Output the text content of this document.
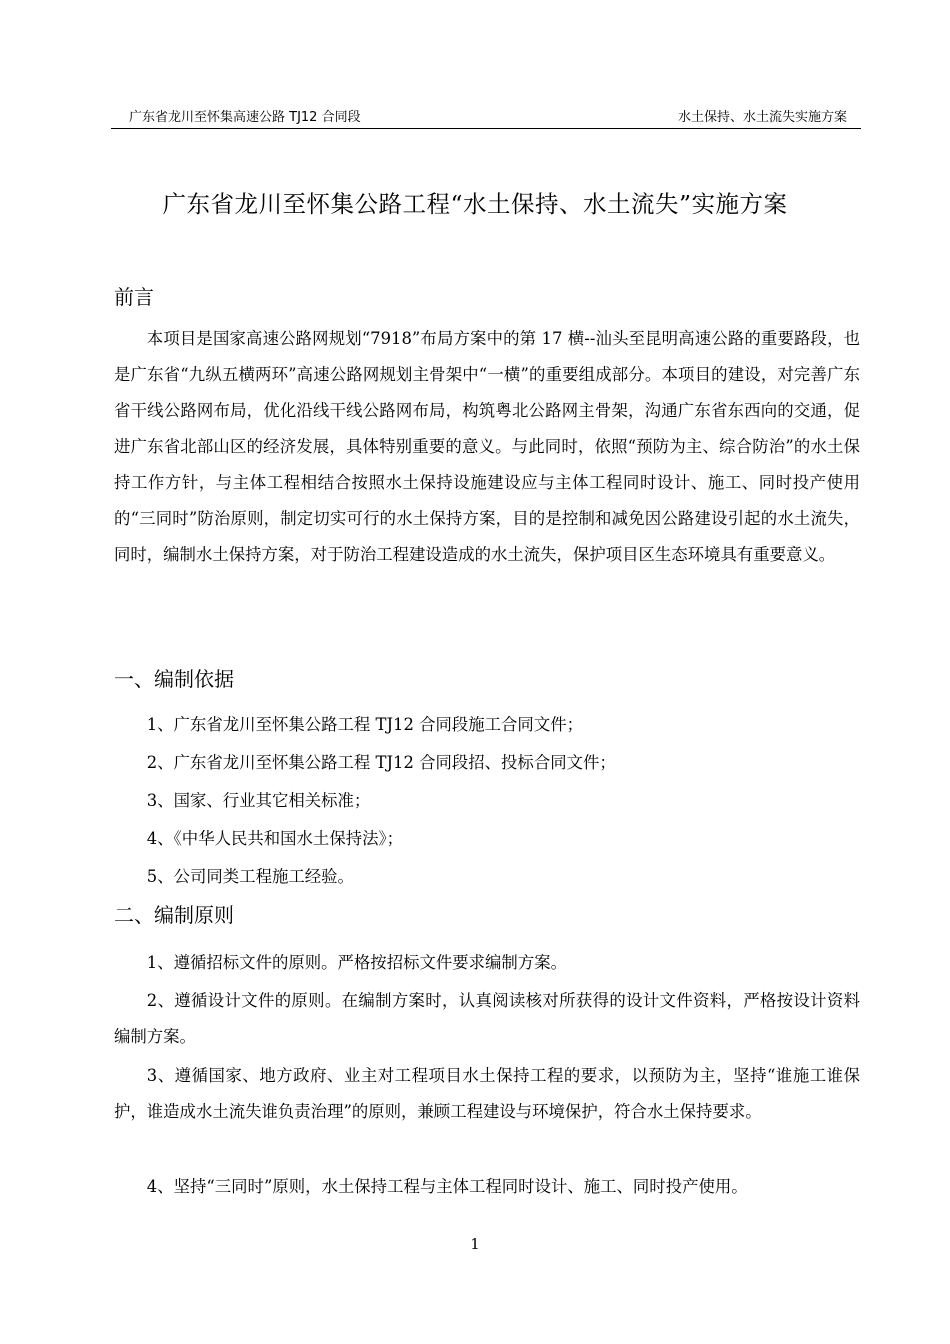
广东省龙川至怀集高速公路 TJ12 合同段	水土保持、水土流失实施方案
广东省龙川至怀集公路工程“水土保持、水土流失”实施方案
前言

本项目是国家高速公路网规划“7918”布局方案中的第 17 横--汕头至昆明高速公路的重要路段，也是广东省“九纵五横两环”高速公路网规划主骨架中“一横”的重要组成部分。本项目的建设，对完善广东省干线公路网布局，优化沿线干线公路网布局，构筑粤北公路网主骨架，沟通广东省东西向的交通，促进广东省北部山区的经济发展，具体特别重要的意义。与此同时，依照“预防为主、综合防治”的水土保持工作方针，与主体工程相结合按照水土保持设施建设应与主体工程同时设计、施工、同时投产使用的“三同时”防治原则，制定切实可行的水土保持方案，目的是控制和减免因公路建设引起的水土流失，同时，编制水土保持方案，对于防治工程建设造成的水土流失，保护项目区生态环境具有重要意义。

一、编制依据
1、广东省龙川至怀集公路工程 TJ12 合同段施工合同文件；
2、广东省龙川至怀集公路工程 TJ12 合同段招、投标合同文件；
3、国家、行业其它相关标准；
4、《中华人民共和国水土保持法》；
5、公司同类工程施工经验。
二、编制原则

1、遵循招标文件的原则。严格按招标文件要求编制方案。

2、遵循设计文件的原则。在编制方案时，认真阅读核对所获得的设计文件资料，严格按设计资料编制方案。

3、遵循国家、地方政府、业主对工程项目水土保持工程的要求，以预防为主，坚持“谁施工谁保护，谁造成水土流失谁负责治理”的原则，兼顾工程建设与环境保护，符合水土保持要求。

4、坚持“三同时”原则，水土保持工程与主体工程同时设计、施工、同时投产使用。

1
